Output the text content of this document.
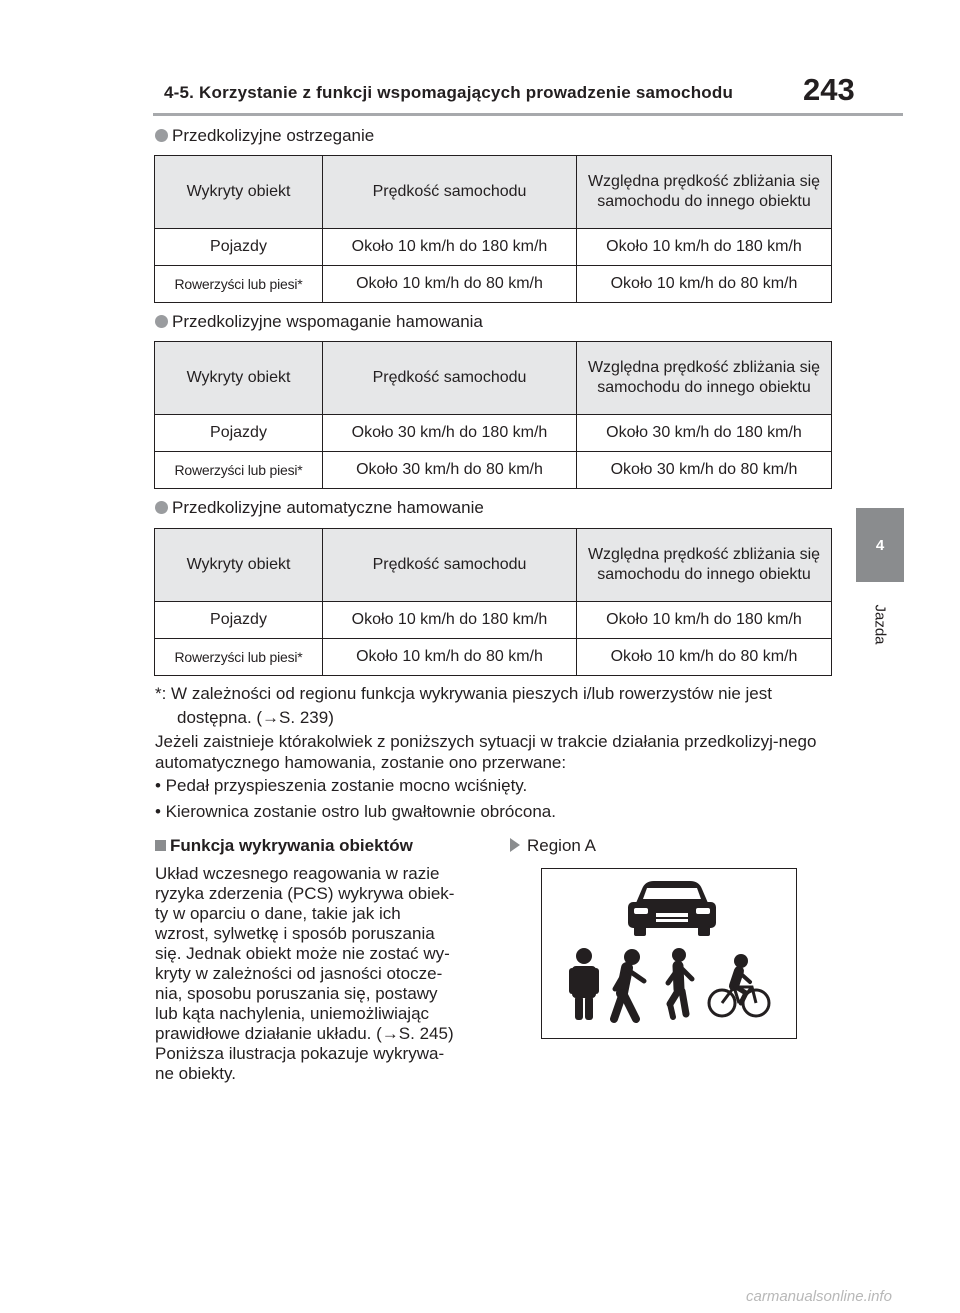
4-5. Korzystanie z funkcji wspomagających prowadzenie samochodu 243
4
Jazda
Przedkolizyjne ostrzeganie
Wykryty obiekt	Prędkość samochodu	Względna prędkość zbliżania się samochodu do innego obiektu
Pojazdy	Około 10 km/h do 180 km/h	Około 10 km/h do 180 km/h
Rowerzyści lub piesi*	Około 10 km/h do 80 km/h	Około 10 km/h do 80 km/h
Przedkolizyjne wspomaganie hamowania
Wykryty obiekt	Prędkość samochodu	Względna prędkość zbliżania się samochodu do innego obiektu
Pojazdy	Około 30 km/h do 180 km/h	Około 30 km/h do 180 km/h
Rowerzyści lub piesi*	Około 30 km/h do 80 km/h	Około 30 km/h do 80 km/h
Przedkolizyjne automatyczne hamowanie
Wykryty obiekt	Prędkość samochodu	Względna prędkość zbliżania się samochodu do innego obiektu
Pojazdy	Około 10 km/h do 180 km/h	Około 10 km/h do 180 km/h
Rowerzyści lub piesi*	Około 10 km/h do 80 km/h	Około 10 km/h do 80 km/h
*: W zależności od regionu funkcja wykrywania pieszych i/lub rowerzystów nie jest
dostępna. (→S. 239)
Jeżeli zaistnieje którakolwiek z poniższych sytuacji w trakcie działania przedkolizyj-nego automatycznego hamowania, zostanie ono przerwane:
• Pedał przyspieszenia zostanie mocno wciśnięty.
• Kierownica zostanie ostro lub gwałtownie obrócona.
Funkcja wykrywania obiektów
Układ wczesnego reagowania w razie
ryzyka zderzenia (PCS) wykrywa obiek-
ty w oparciu o dane, takie jak ich
wzrost, sylwetkę i sposób poruszania
się. Jednak obiekt może nie zostać wy-
kryty w zależności od jasności otocze-
nia, sposobu poruszania się, postawy
lub kąta nachylenia, uniemożliwiając
prawidłowe działanie układu. (→S. 245)
Poniższa ilustracja pokazuje wykrywa-
ne obiekty.
Region A
carmanualsonline.info
